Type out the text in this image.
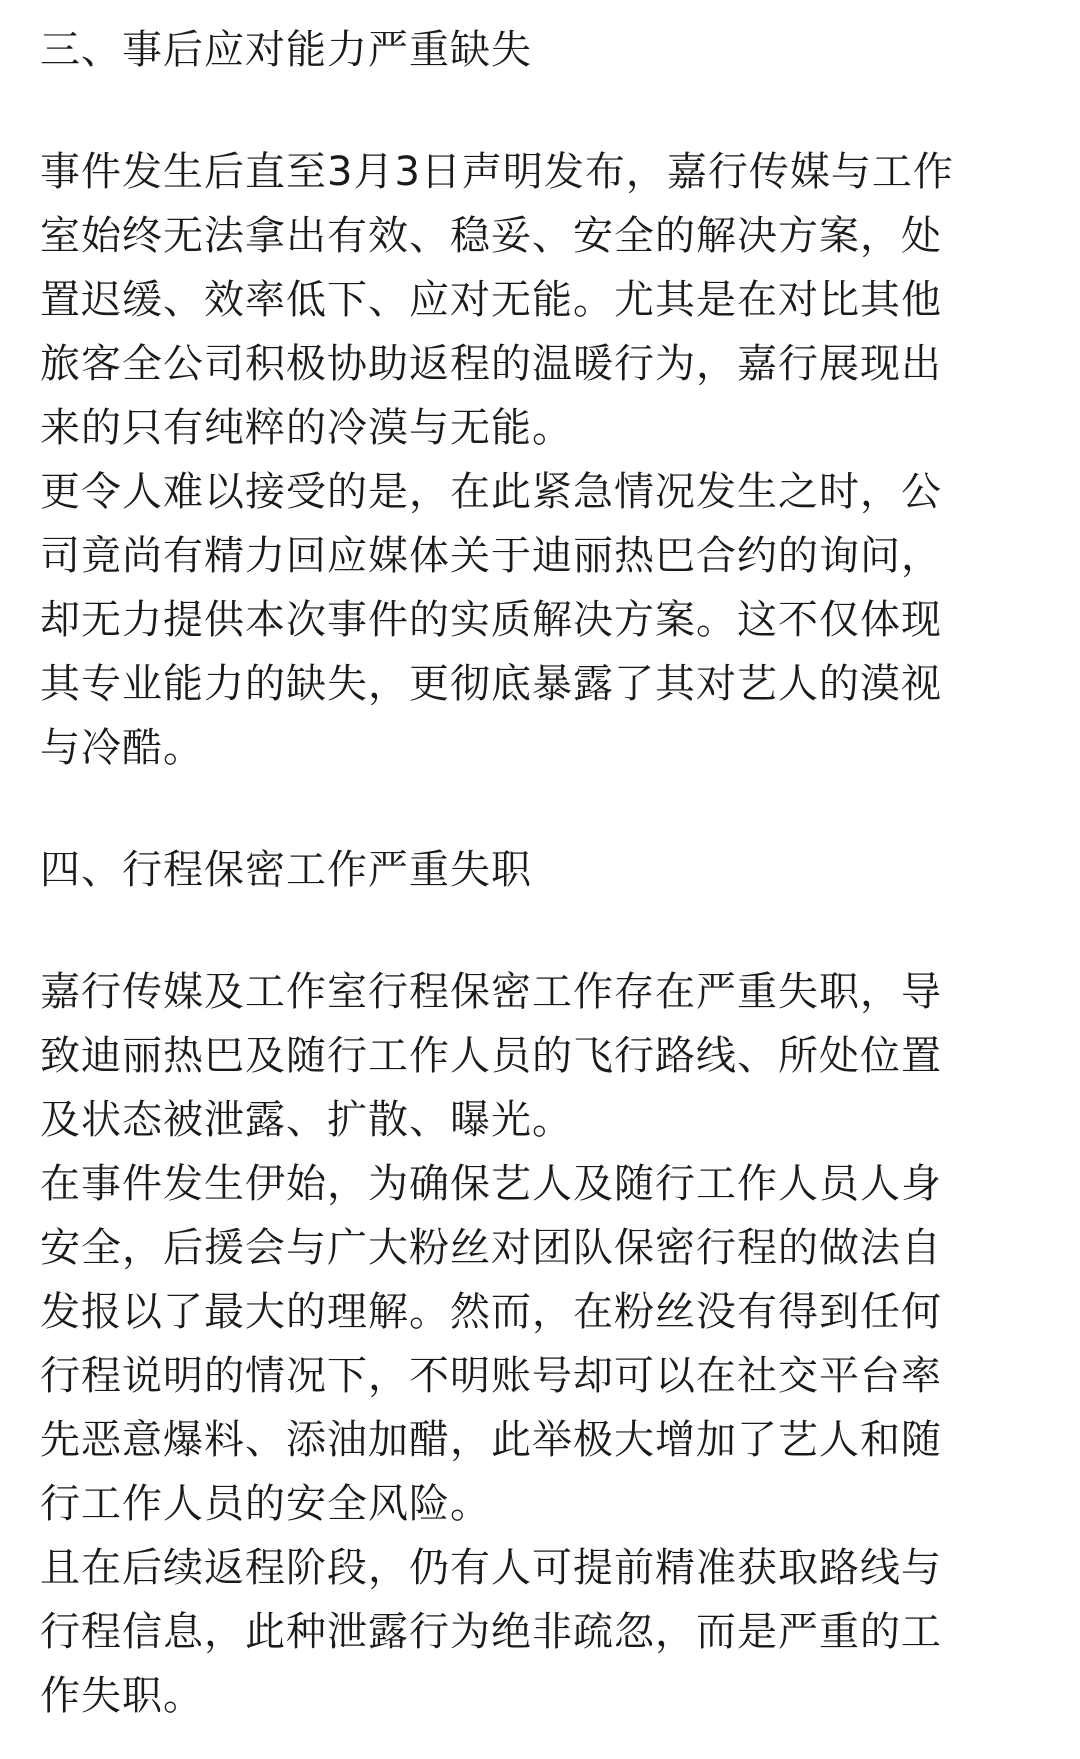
三、事后应对能力严重缺失

事件发生后直至3月3日声明发布，嘉行传媒与工作

室始终无法拿出有效、稳妥、安全的解决方案，处

置迟缓、效率低下、应对无能。尤其是在对比其他

旅客全公司积极协助返程的温暖行为，嘉行展现出

来的只有纯粹的冷漠与无能。

更令人难以接受的是，在此紧急情况发生之时，公

司竟尚有精力回应媒体关于迪丽热巴合约的询问，

却无力提供本次事件的实质解决方案。这不仅体现

其专业能力的缺失，更彻底暴露了其对艺人的漠视

与冷酷。

四、行程保密工作严重失职

嘉行传媒及工作室行程保密工作存在严重失职，导

致迪丽热巴及随行工作人员的飞行路线、所处位置

及状态被泄露、扩散、曝光。

在事件发生伊始，为确保艺人及随行工作人员人身

安全，后援会与广大粉丝对团队保密行程的做法自

发报以了最大的理解。然而，在粉丝没有得到任何

行程说明的情况下，不明账号却可以在社交平台率

先恶意爆料、添油加醋，此举极大增加了艺人和随

行工作人员的安全风险。

且在后续返程阶段，仍有人可提前精准获取路线与

行程信息，此种泄露行为绝非疏忽，而是严重的工

作失职。
